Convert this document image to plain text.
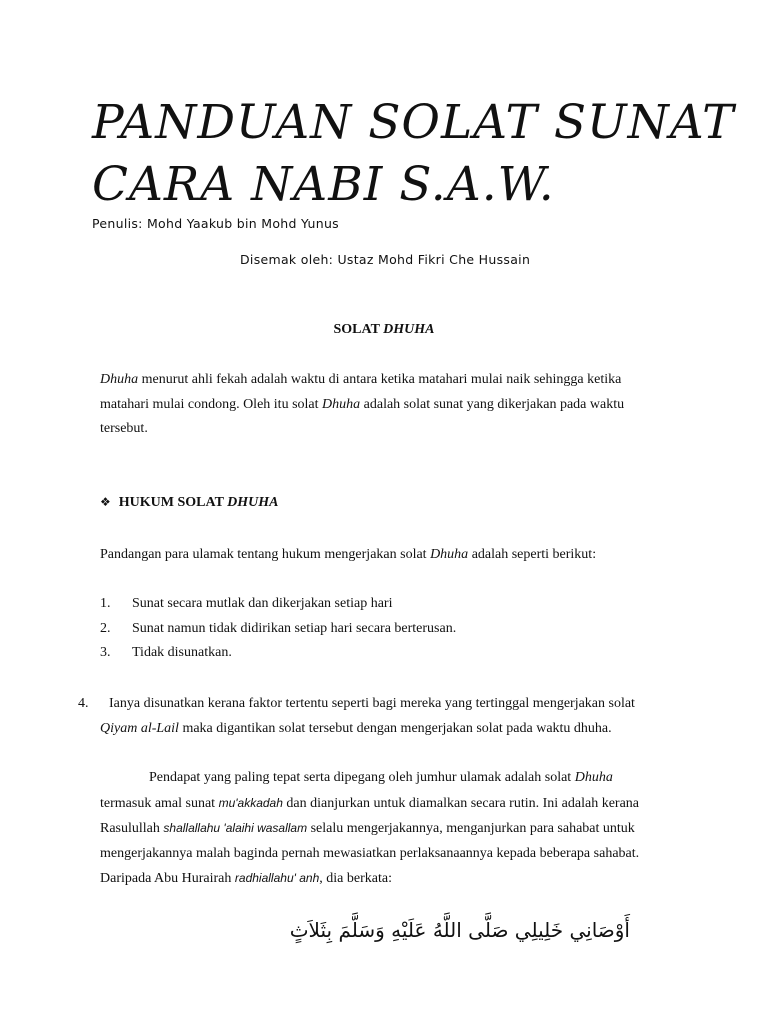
PANDUAN SOLAT SUNAT
CARA NABI S.A.W.
Penulis: Mohd Yaakub bin Mohd Yunus
Disemak oleh: Ustaz Mohd Fikri Che Hussain
SOLAT DHUHA
Dhuha menurut ahli fekah adalah waktu di antara ketika matahari mulai naik sehingga ketika
matahari mulai condong. Oleh itu solat Dhuha adalah solat sunat yang dikerjakan pada waktu
tersebut.
❖ HUKUM SOLAT DHUHA
Pandangan para ulamak tentang hukum mengerjakan solat Dhuha adalah seperti berikut:
1.	Sunat secara mutlak dan dikerjakan setiap hari
2.	Sunat namun tidak didirikan setiap hari secara berterusan.
3.	Tidak disunatkan.
4. Ianya disunatkan kerana faktor tertentu seperti bagi mereka yang tertinggal mengerjakan solat
Qiyam al-Lail maka digantikan solat tersebut dengan mengerjakan solat pada waktu dhuha.
Pendapat yang paling tepat serta dipegang oleh jumhur ulamak adalah solat Dhuha
termasuk amal sunat mu'akkadah dan dianjurkan untuk diamalkan secara rutin. Ini adalah kerana
Rasulullah shallallahu 'alaihi wasallam selalu mengerjakannya, menganjurkan para sahabat untuk
mengerjakannya malah baginda pernah mewasiatkan perlaksanaannya kepada beberapa sahabat.
Daripada Abu Hurairah radhiallahu' anh, dia berkata:
أَوْصَانِي خَلِيلِي صَلَّى اللَّهُ عَلَيْهِ وَسَلَّمَ بِثَلاَثٍ
